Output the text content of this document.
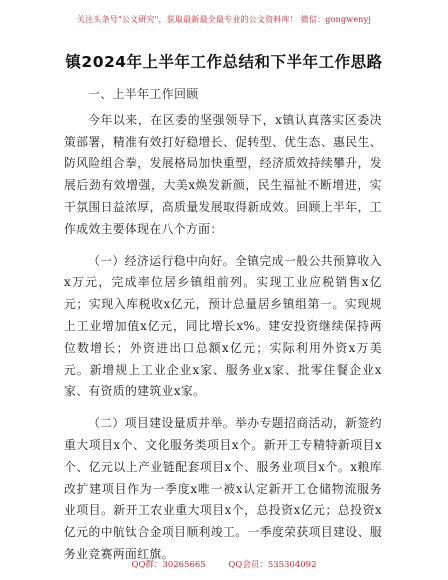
关注头条号"公文研究"，获取最新最全最专业的公文资料库！ 微信：gongwenyj
镇2024年上半年工作总结和下半年工作思路

一、上半年工作回顾

今年以来，在区委的坚强领导下，x镇认真落实区委决策部署，精准有效打好稳增长、促转型、优生态、惠民生、防风险组合拳，发展格局加快重塑，经济质效持续攀升，发展后劲有效增强，大美x焕发新颜，民生福祉不断增进，实干氛围日益浓厚，高质量发展取得新成效。回顾上半年，工作成效主要体现在八个方面：

（一）经济运行稳中向好。全镇完成一般公共预算收入x万元，完成率位居乡镇组前列。实现工业应税销售x亿元；实现入库税收x亿元，预计总量居乡镇组第一。实现规上工业增加值x亿元，同比增长x%。建安投资继续保持两位数增长；外资进出口总额x亿元；实际利用外资x万美元。新增规上工业企业x家、服务业x家、批零住餐企业x家、有资质的建筑业x家。

（二）项目建设量质并举。举办专题招商活动，新签约重大项目x个、文化服务类项目x个。新开工专精特新项目x个、亿元以上产业链配套项目x个、服务业项目x个。x粮库改扩建项目作为一季度x唯一被x认定新开工仓储物流服务业项目。新开工农业重大项目x个，总投资x亿元；总投资x亿元的中航钛合金项目顺利竣工。一季度荣获项目建设、服务业竞赛两面红旗。

QQ群：30265665	QQ会员：535304092
